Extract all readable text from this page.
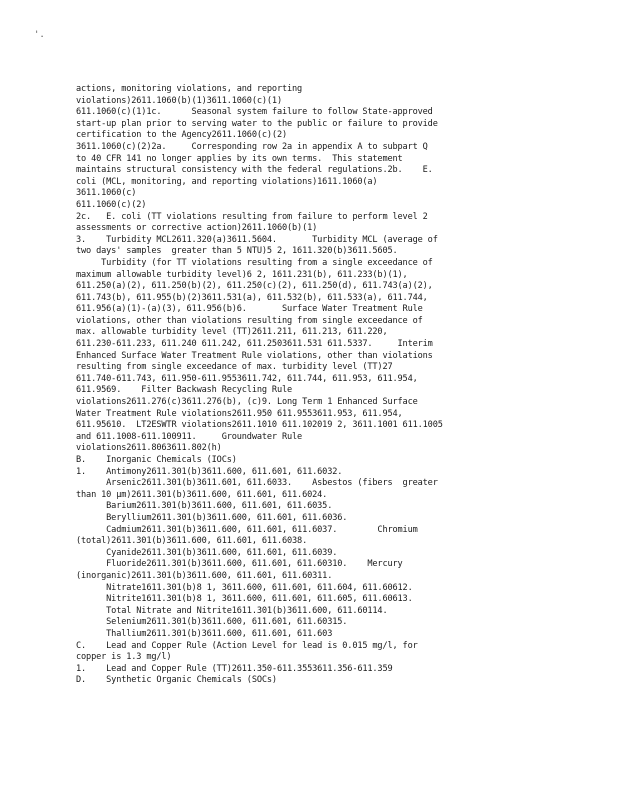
'.
actions, monitoring violations, and reporting
violations)2611.1060(b)(1)3611.1060(c)(1)
611.1060(c)(1)1c.      Seasonal system failure to follow State-approved
start-up plan prior to serving water to the public or failure to provide
certification to the Agency2611.1060(c)(2)
3611.1060(c)(2)2a.     Corresponding row 2a in appendix A to subpart Q
to 40 CFR 141 no longer applies by its own terms.  This statement
maintains structural consistency with the federal regulations.2b.    E.
coli (MCL, monitoring, and reporting violations)1611.1060(a)
3611.1060(c)
611.1060(c)(2)
2c.   E. coli (TT violations resulting from failure to perform level 2
assessments or corrective action)2611.1060(b)(1)
3.    Turbidity MCL2611.320(a)3611.5604.       Turbidity MCL (average of
two days' samples  greater than 5 NTU)5 2, 1611.320(b)3611.5605.
Turbidity (for TT violations resulting from a single exceedance of
maximum allowable turbidity level)6 2, 1611.231(b), 611.233(b)(1),
611.250(a)(2), 611.250(b)(2), 611.250(c)(2), 611.250(d), 611.743(a)(2),
611.743(b), 611.955(b)(2)3611.531(a), 611.532(b), 611.533(a), 611.744,
611.956(a)(1)-(a)(3), 611.956(b)6.       Surface Water Treatment Rule
violations, other than violations resulting from single exceedance of
max. allowable turbidity level (TT)2611.211, 611.213, 611.220,
611.230-611.233, 611.240 611.242, 611.2503611.531 611.5337.     Interim
Enhanced Surface Water Treatment Rule violations, other than violations
resulting from single exceedance of max. turbidity level (TT)27
611.740-611.743, 611.950-611.9553611.742, 611.744, 611.953, 611.954,
611.9569.    Filter Backwash Recycling Rule
violations2611.276(c)3611.276(b), (c)9. Long Term 1 Enhanced Surface
Water Treatment Rule violations2611.950 611.9553611.953, 611.954,
611.95610.  LT2ESWTR violations2611.1010 611.102019 2, 3611.1001 611.1005
and 611.1008-611.100911.     Groundwater Rule
violations2611.8063611.802(h)
B.    Inorganic Chemicals (IOCs)
1.    Antimony2611.301(b)3611.600, 611.601, 611.6032.
Arsenic2611.301(b)3611.601, 611.6033.    Asbestos (fibers  greater
than 10 µm)2611.301(b)3611.600, 611.601, 611.6024.
Barium2611.301(b)3611.600, 611.601, 611.6035.
Beryllium2611.301(b)3611.600, 611.601, 611.6036.
Cadmium2611.301(b)3611.600, 611.601, 611.6037.        Chromium
(total)2611.301(b)3611.600, 611.601, 611.6038.
Cyanide2611.301(b)3611.600, 611.601, 611.6039.
Fluoride2611.301(b)3611.600, 611.601, 611.60310.    Mercury
(inorganic)2611.301(b)3611.600, 611.601, 611.60311.
Nitrate1611.301(b)8 1, 3611.600, 611.601, 611.604, 611.60612.
Nitrite1611.301(b)8 1, 3611.600, 611.601, 611.605, 611.60613.
Total Nitrate and Nitrite1611.301(b)3611.600, 611.60114.
Selenium2611.301(b)3611.600, 611.601, 611.60315.
Thallium2611.301(b)3611.600, 611.601, 611.603
C.    Lead and Copper Rule (Action Level for lead is 0.015 mg/l, for
copper is 1.3 mg/l)
1.    Lead and Copper Rule (TT)2611.350-611.3553611.356-611.359
D.    Synthetic Organic Chemicals (SOCs)
